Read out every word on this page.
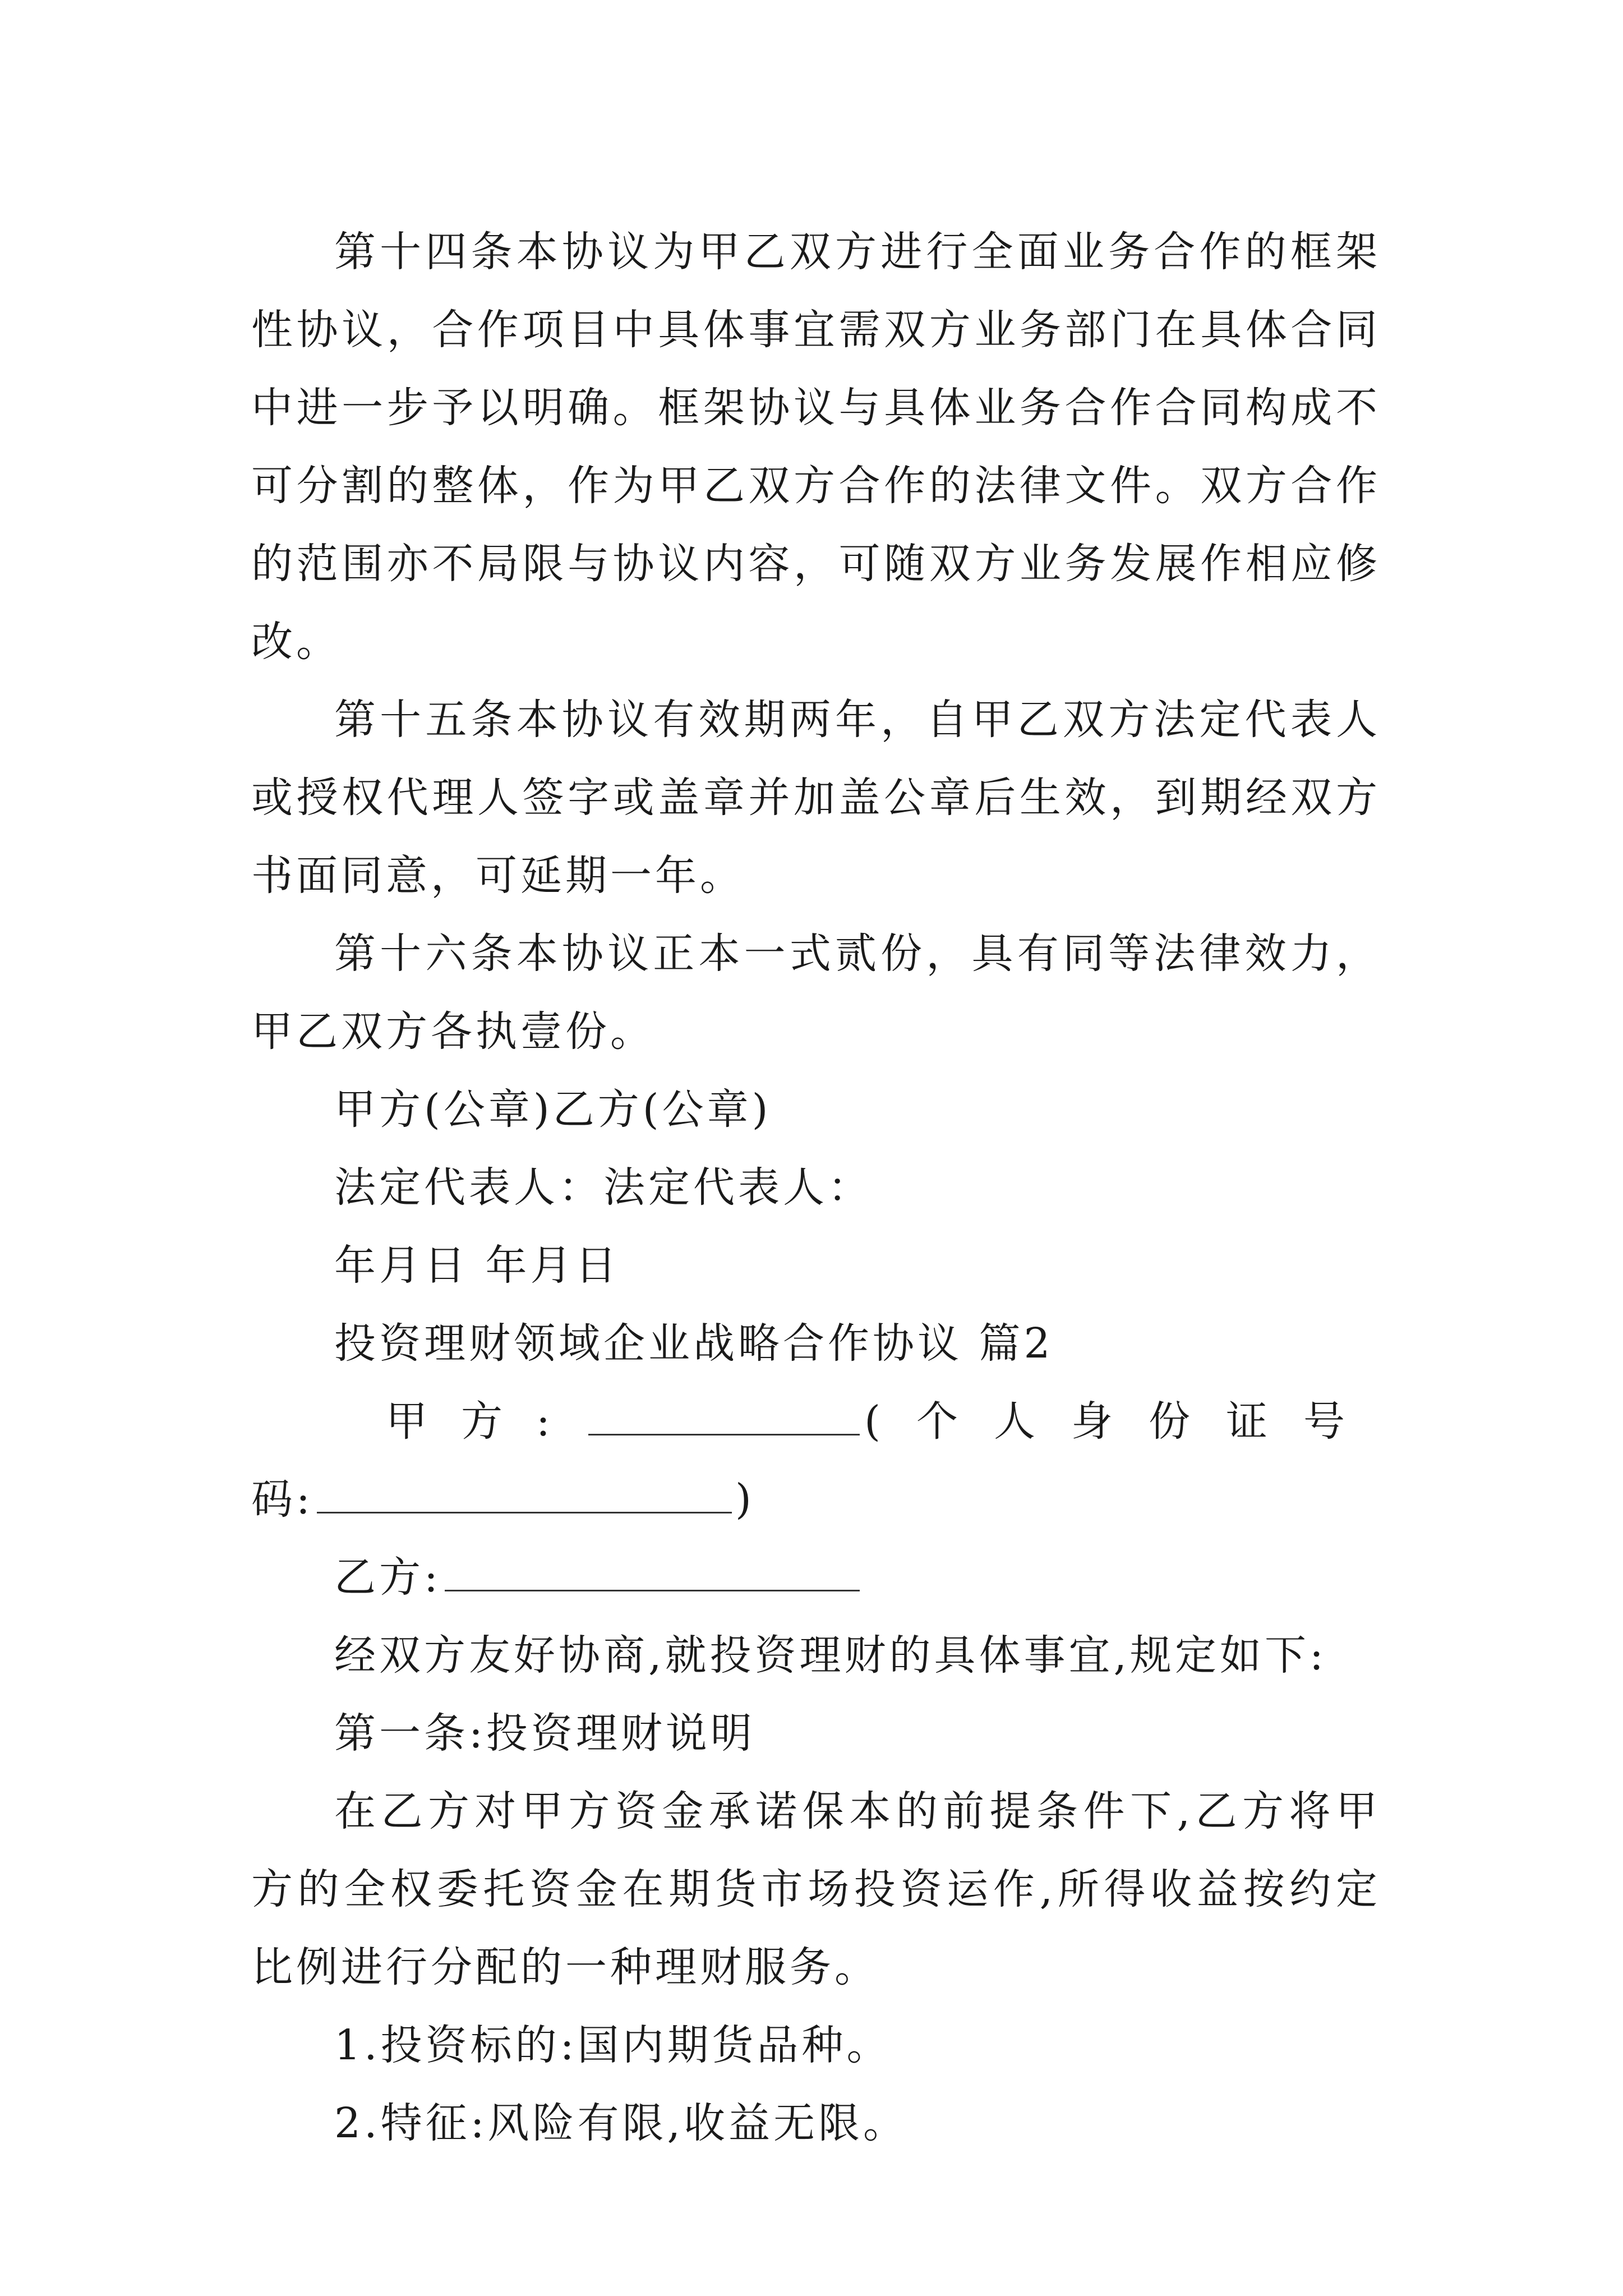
第十四条本协议为甲乙双方进行全面业务合作的框架性协议，合作项目中具体事宜需双方业务部门在具体合同中进一步予以明确。框架协议与具体业务合作合同构成不可分割的整体，作为甲乙双方合作的法律文件。双方合作的范围亦不局限与协议内容，可随双方业务发展作相应修改。

第十五条本协议有效期两年，自甲乙双方法定代表人或授权代理人签字或盖章并加盖公章后生效，到期经双方书面同意，可延期一年。

第十六条本协议正本一式贰份，具有同等法律效力，甲乙双方各执壹份。

甲方(公章)乙方(公章)

法定代表人：法定代表人：

年月日 年月日

投资理财领域企业战略合作协议 篇2

甲方:	(个人身份证号
码:	)
乙方:

经双方友好协商,就投资理财的具体事宜,规定如下:

第一条:投资理财说明

在乙方对甲方资金承诺保本的前提条件下,乙方将甲方的全权委托资金在期货市场投资运作,所得收益按约定比例进行分配的一种理财服务。

1.投资标的:国内期货品种。

2.特征:风险有限,收益无限。
